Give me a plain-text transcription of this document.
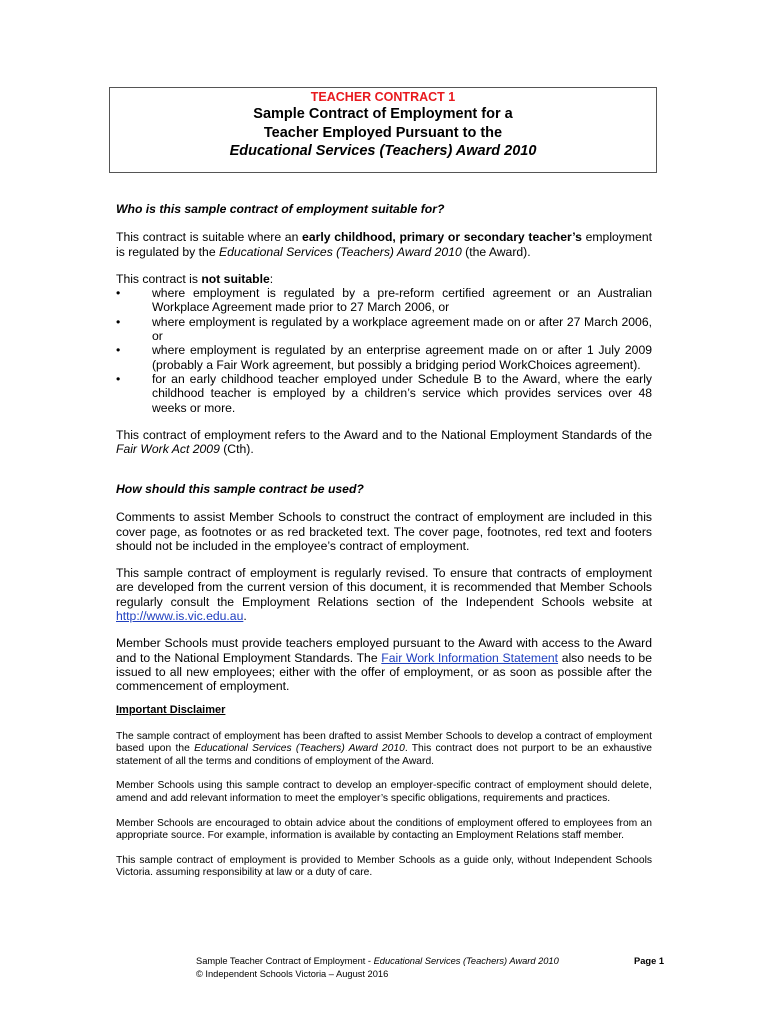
TEACHER CONTRACT 1
Sample Contract of Employment for a
Teacher Employed Pursuant to the
Educational Services (Teachers) Award 2010

Who is this sample contract of employment suitable for?

This contract is suitable where an early childhood, primary or secondary teacher’s employment is regulated by the Educational Services (Teachers) Award 2010 (the Award).

This contract is not suitable:

•	where employment is regulated by a pre-reform certified agreement or an Australian Workplace Agreement made prior to 27 March 2006, or
•	where employment is regulated by a workplace agreement made on or after 27 March 2006, or
•	where employment is regulated by an enterprise agreement made on or after 1 July 2009 (probably a Fair Work agreement, but possibly a bridging period WorkChoices agreement).
•	for an early childhood teacher employed under Schedule B to the Award, where the early childhood teacher is employed by a children’s service which provides services over 48 weeks or more.

This contract of employment refers to the Award and to the National Employment Standards of the Fair Work Act 2009 (Cth).

How should this sample contract be used?

Comments to assist Member Schools to construct the contract of employment are included in this cover page, as footnotes or as red bracketed text. The cover page, footnotes, red text and footers should not be included in the employee’s contract of employment.

This sample contract of employment is regularly revised. To ensure that contracts of employment are developed from the current version of this document, it is recommended that Member Schools regularly consult the Employment Relations section of the Independent Schools website at http://www.is.vic.edu.au.

Member Schools must provide teachers employed pursuant to the Award with access to the Award and to the National Employment Standards. The Fair Work Information Statement also needs to be issued to all new employees; either with the offer of employment, or as soon as possible after the commencement of employment.

Important Disclaimer

The sample contract of employment has been drafted to assist Member Schools to develop a contract of employment based upon the Educational Services (Teachers) Award 2010. This contract does not purport to be an exhaustive statement of all the terms and conditions of employment of the Award.

Member Schools using this sample contract to develop an employer-specific contract of employment should delete, amend and add relevant information to meet the employer’s specific obligations, requirements and practices.

Member Schools are encouraged to obtain advice about the conditions of employment offered to employees from an appropriate source. For example, information is available by contacting an Employment Relations staff member.

This sample contract of employment is provided to Member Schools as a guide only, without Independent Schools Victoria. assuming responsibility at law or a duty of care.

Sample Teacher Contract of Employment - Educational Services (Teachers) Award 2010	Page 1
© Independent Schools Victoria – August 2016
